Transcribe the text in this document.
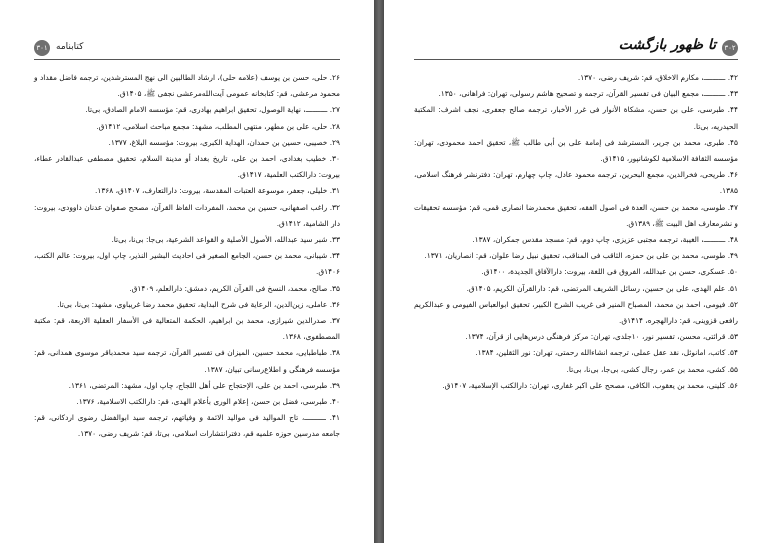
۳۰۱ کتابنامه

۲۶. حلی، حسن بن یوسف (علامه حلی)، ارشاد الطالبین الی نهج المسترشدین، ترجمه فاضل مقداد و محمود مرعشی، قم: کتابخانه عمومی آیت‌الله‌مرعشی نجفی ﷺ، ۱۴۰۵ق.

۲۷. ــــــــــ، نهایة الوصول، تحقیق ابراهیم بهادری، قم: مؤسسه الامام الصادق، بی‌تا.

۲۸. حلی، علی بن مطهر، منتهی المطلب، مشهد: مجمع مباحث اسلامی، ۱۴۱۲ق.

۲۹. خصیبی، حسین بن حمدان، الهدایة الکبری، بیروت: مؤسسه البلاغ، ۱۳۷۷.

۳۰. خطیب بغدادی، احمد بن علی، تاریخ بغداد أو مدینة السلام، تحقیق مصطفی عبدالقادر عطاء، بیروت: دارالکتب العلمیة، ۱۴۱۷ق.

۳۱. خلیلی، جعفر، موسوعة العتبات المقدسة، بیروت: دارالتعارف، ۱۴۰۷ق، ۱۳۶۸.

۳۲. راغب اصفهانی، حسین بن محمد، المفردات الفاظ القرآن، مصحح صفوان عدنان داوودی، بیروت: دار الشامیة، ۱۴۱۲ق.

۳۳. شبر سید عبدالله، الأصول الأصلیة و القواعد الشرعیة، بی‌جا: بی‌نا، بی‌تا.

۳۴. شیبانی، محمد بن حسن، الجامع الصغیر فی احادیث البشیر النذیر، چاپ اول، بیروت: عالم الکتب، ۱۴۰۶ق.

۳۵. صالح، محمد، النسخ فی القرآن الکریم، دمشق: دارالعلم، ۱۴۰۹ق.

۳۶. عاملی، زین‌الدین، الرعایة فی شرح البدایة، تحقیق محمد رضا غریباوی، مشهد: بی‌نا، بی‌تا.

۳۷. صدرالدین شیرازی، محمد بن ابراهیم، الحکمة المتعالیة فی الأسفار العقلیة الاربعة، قم: مکتبة المصطفوی، ۱۳۶۸.

۳۸. طباطبایی، محمد حسین، المیزان فی تفسیر القرآن، ترجمه سید محمدباقر موسوی همدانی، قم: مؤسسه فرهنگی و اطلاع‌رسانی تبیان، ۱۳۸۷.

۳۹. طبرسی، احمد بن علی، الإحتجاج علی أهل اللجاج، چاپ اول، مشهد: المرتضی، ۱۳۶۱.

۴۰. طبرسی، فضل بن حسن، إعلام الوری بأعلام الهدی، قم: دارالکتب الاسلامیة، ۱۳۷۶.

۴۱. ــــــــــ، تاج الموالید فی موالید الائمة و وفیاتهم، ترجمه سید ابوالفضل رضوی اردکانی، قم: جامعه مدرسین حوزه علمیه قم، دفترانتشارات اسلامی، بی‌تا، قم: شریف رضی، ۱۳۷۰.

۳۰۲
تا ظهور بازگشت

۴۲. ــــــــــ، مکارم الاخلاق، قم: شریف رضی، ۱۳۷۰.

۴۳. ــــــــــ، مجمع البیان فی تفسیر القرآن، ترجمه و تصحیح هاشم رسولی، تهران: فراهانی، ۱۳۵۰.

۴۴. طبرسی، علی بن حسن، مشکاة الأنوار فی غرر الأخبار، ترجمه صالح جعفری، نجف اشرف: المکتبة الحیدریه، بی‌تا.

۴۵. طبری، محمد بن جریر، المسترشد فی إمامة علی بن أبی طالب ﷺ، تحقیق احمد محمودی، تهران: مؤسسه الثقافة الاسلامیة لکوشانپور، ۱۴۱۵ق.

۴۶. طریحی، فخرالدین، مجمع البحرین، ترجمه محمود عادل، چاپ چهارم، تهران: دفترنشر فرهنگ اسلامی، ۱۳۸۵.

۴۷. طوسی، محمد بن حسن، العدة فی اصول الفقه، تحقیق محمدرضا انصاری قمی، قم: مؤسسه تحقیقات و نشرمعارف اهل البیت ﷺ، ۱۳۸۹ق.

۴۸. ــــــــــ، الغیبة، ترجمه مجتبی عزیزی، چاپ دوم، قم: مسجد مقدس جمکران، ۱۳۸۷.

۴۹. طوسی، محمد بن علی بن حمزه، الثاقب فی المناقب، تحقیق نبیل رضا علوان، قم: انصاریان، ۱۳۷۱.

۵۰. عسکری، حسن بن عبدالله، الفروق فی اللغة، بیروت: دارالآفاق الجدیدة، ۱۴۰۰ق.

۵۱. علم الهدی، علی بن حسین، رسائل الشریف المرتضی، قم: دارالقرآن الکریم، ۱۴۰۵ق.

۵۲. فیومی، احمد بن محمد، المصباح المنیر فی غریب الشرح الکبیر، تحقیق ابوالعباس الفیومی و عبدالکریم رافعی قزوینی، قم: دارالهجره، ۱۴۱۴ق.

۵۳. قرائتی، محسن، تفسیر نور، ۱۰جلدی، تهران: مرکز فرهنگی درس‌هایی از قرآن، ۱۳۷۴.

۵۴. کاتب، امانوئل، نقد عقل عملی، ترجمه انشاءالله رحمتی، تهران: نور الثقلین، ۱۳۸۴.

۵۵. کشی، محمد بن عمر، رجال کشی، بی‌جا، بی‌نا، بی‌تا.

۵۶. کلینی، محمد بن یعقوب، الکافی، مصحح علی اکبر غفاری، تهران: دارالکتب الإسلامیة، ۱۴۰۷ق.
